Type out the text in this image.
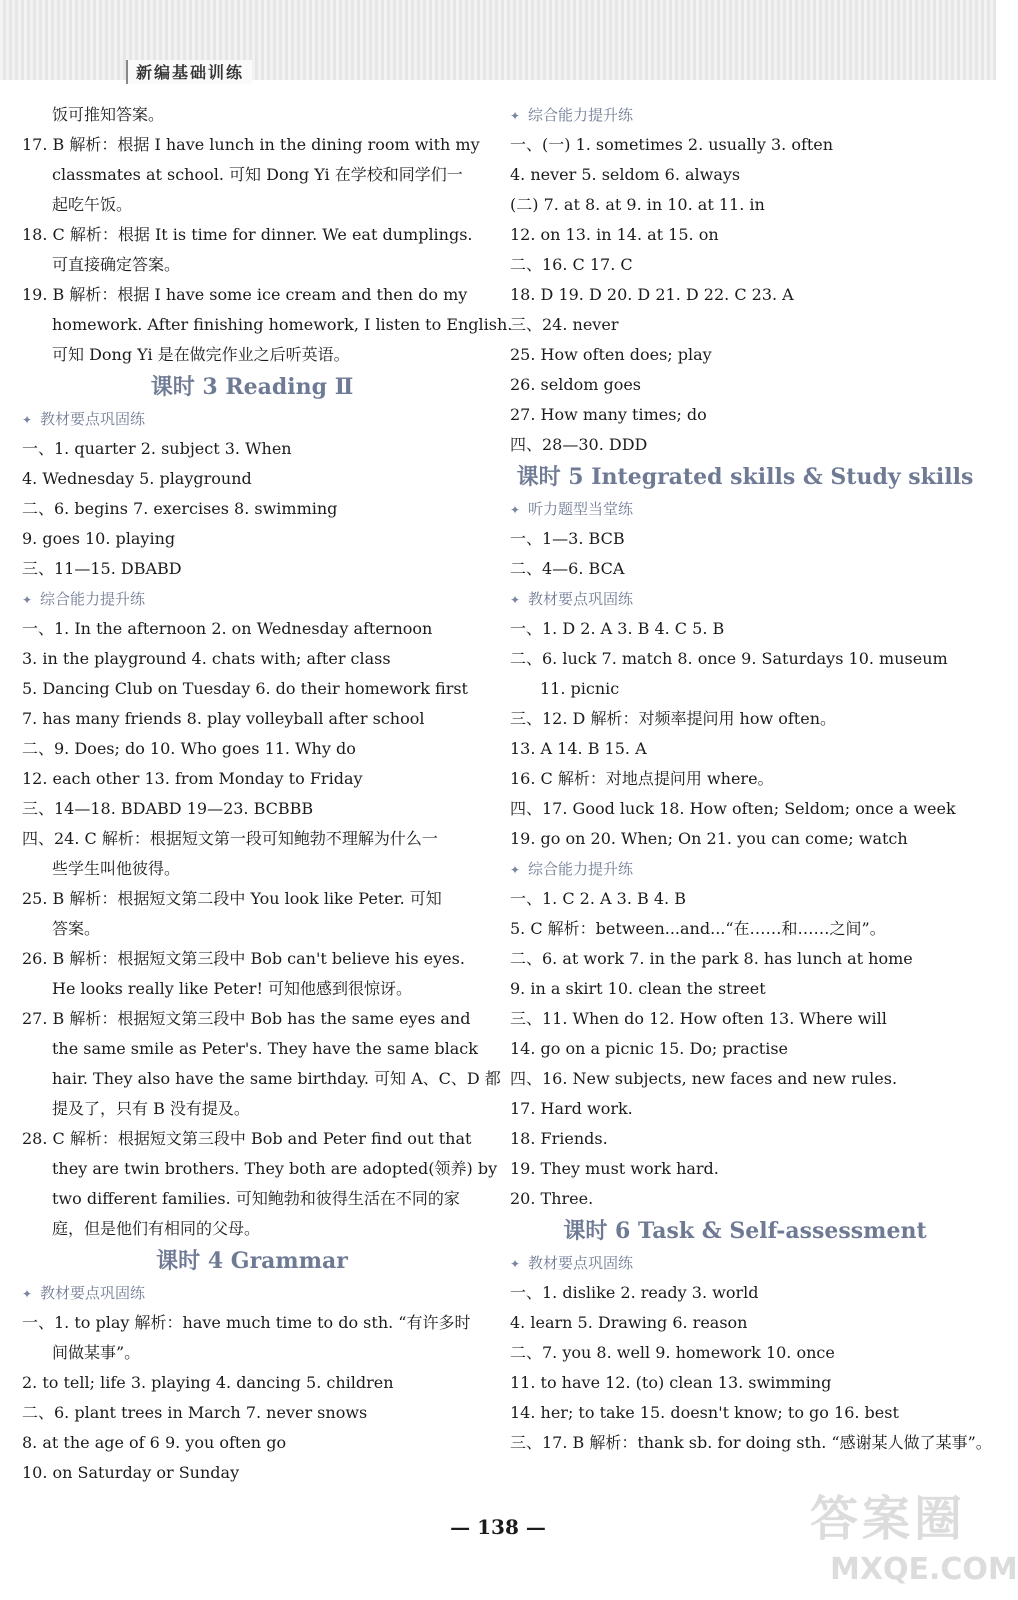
新编基础训练
饭可推知答案。
17. B 解析：根据 I have lunch in the dining room with my
classmates at school. 可知 Dong Yi 在学校和同学们一
起吃午饭。
18. C 解析：根据 It is time for dinner. We eat dumplings.
可直接确定答案。
19. B 解析：根据 I have some ice cream and then do my
homework. After finishing homework, I listen to English.
可知 Dong Yi 是在做完作业之后听英语。
课时 3 Reading Ⅱ
✦ 教材要点巩固练
一、1. quarter 2. subject 3. When
4. Wednesday 5. playground
二、6. begins 7. exercises 8. swimming
9. goes 10. playing
三、11—15. DBABD
✦ 综合能力提升练
一、1. In the afternoon 2. on Wednesday afternoon
3. in the playground 4. chats with; after class
5. Dancing Club on Tuesday 6. do their homework first
7. has many friends 8. play volleyball after school
二、9. Does; do 10. Who goes 11. Why do
12. each other 13. from Monday to Friday
三、14—18. BDABD 19—23. BCBBB
四、24. C 解析：根据短文第一段可知鲍勃不理解为什么一
些学生叫他彼得。
25. B 解析：根据短文第二段中 You look like Peter. 可知
答案。
26. B 解析：根据短文第三段中 Bob can't believe his eyes.
He looks really like Peter! 可知他感到很惊讶。
27. B 解析：根据短文第三段中 Bob has the same eyes and
the same smile as Peter's. They have the same black
hair. They also have the same birthday. 可知 A、C、D 都
提及了，只有 B 没有提及。
28. C 解析：根据短文第三段中 Bob and Peter find out that
they are twin brothers. They both are adopted(领养) by
two different families. 可知鲍勃和彼得生活在不同的家
庭，但是他们有相同的父母。
课时 4 Grammar
✦ 教材要点巩固练
一、1. to play 解析：have much time to do sth. “有许多时
间做某事”。
2. to tell; life 3. playing 4. dancing 5. children
二、6. plant trees in March 7. never snows
8. at the age of 6 9. you often go
10. on Saturday or Sunday
✦ 综合能力提升练
一、(一) 1. sometimes 2. usually 3. often
4. never 5. seldom 6. always
(二) 7. at 8. at 9. in 10. at 11. in
12. on 13. in 14. at 15. on
二、16. C 17. C
18. D 19. D 20. D 21. D 22. C 23. A
三、24. never
25. How often does; play
26. seldom goes
27. How many times; do
四、28—30. DDD
课时 5 Integrated skills & Study skills
✦ 听力题型当堂练
一、1—3. BCB
二、4—6. BCA
✦ 教材要点巩固练
一、1. D 2. A 3. B 4. C 5. B
二、6. luck 7. match 8. once 9. Saturdays 10. museum
11. picnic
三、12. D 解析：对频率提问用 how often。
13. A 14. B 15. A
16. C 解析：对地点提问用 where。
四、17. Good luck 18. How often; Seldom; once a week
19. go on 20. When; On 21. you can come; watch
✦ 综合能力提升练
一、1. C 2. A 3. B 4. B
5. C 解析：between...and...“在……和……之间”。
二、6. at work 7. in the park 8. has lunch at home
9. in a skirt 10. clean the street
三、11. When do 12. How often 13. Where will
14. go on a picnic 15. Do; practise
四、16. New subjects, new faces and new rules.
17. Hard work.
18. Friends.
19. They must work hard.
20. Three.
课时 6 Task & Self-assessment
✦ 教材要点巩固练
一、1. dislike 2. ready 3. world
4. learn 5. Drawing 6. reason
二、7. you 8. well 9. homework 10. once
11. to have 12. (to) clean 13. swimming
14. her; to take 15. doesn't know; to go 16. best
三、17. B 解析：thank sb. for doing sth. “感谢某人做了某事”。
— 138 —	答案圈
MXQE.COM
